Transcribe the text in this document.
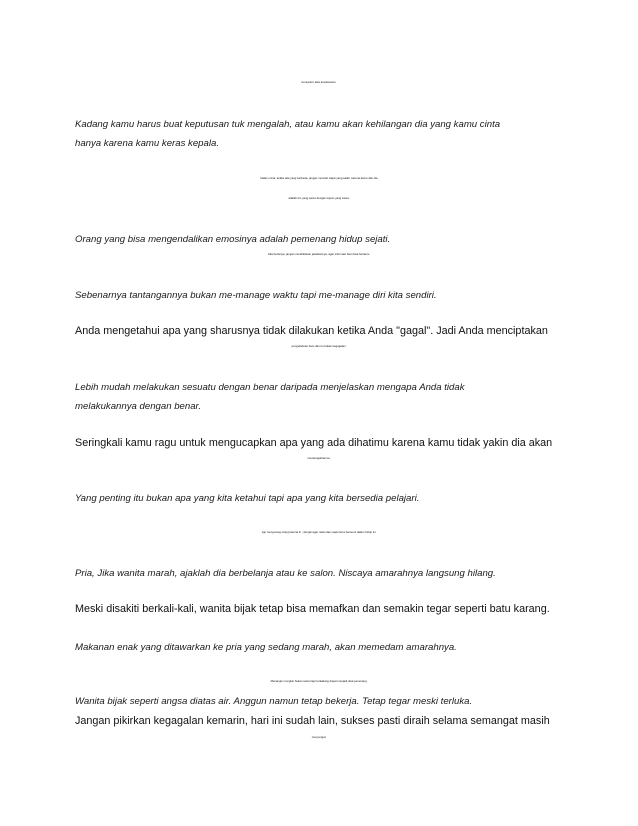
bersyukur atas kesuksesan.
Kadang kamu harus buat keputusan tuk mengalah, atau kamu akan kehilangan dia yang kamu cinta
hanya karena kamu keras kepala.
Dalam cinta, ketika ada yang berbeda, jangan mencari siapa yang salah, karena kamu dan dia
adalah tim yang sama dengan tujuan yang sama.
Orang yang bisa mengendalikan emosinya adalah pemenang hidup sejati.
Jika bertanya, jangan mendiktekan jawabannya, agar informasi baru bisa bertamu.
Sebenarnya tantangannya bukan me-manage waktu tapi me-manage diri kita sendiri.
Anda mengetahui apa yang sharusnya tidak dilakukan ketika Anda "gagal". Jadi Anda menciptakan
pengetahuan baru dan itu bukan kegagalan.
Lebih mudah melakukan sesuatu dengan benar daripada menjelaskan mengapa Anda tidak
melakukannya dengan benar.
Seringkali kamu ragu untuk mengucapkan apa yang ada dihatimu karena kamu tidak yakin dia akan
mendengarkanmu.
Yang penting itu bukan apa yang kita ketahui tapi apa yang kita bersedia pelajari.
Jgn menyerang orang karena iri ; dengki agar relasi dan rejeki terus bersemi dalam hidup ini.
Pria, Jika wanita marah, ajaklah dia berbelanja atau ke salon. Niscaya amarahnya langsung hilang.
Meski disakiti berkali-kali, wanita bijak tetap bisa memafkan dan semakin tegar seperti batu karang.
Makanan enak yang ditawarkan ke pria yang sedang marah, akan memedam amarahnya.
Menangis mungkin bukan solusi tapi terkadang dapat menjadi obat penenang.
Wanita bijak seperti angsa diatas air. Anggun namun tetap bekerja. Tetap tegar meski terluka.
Jangan pikirkan kegagalan kemarin, hari ini sudah lain, sukses pasti diraih selama semangat masih
menyengat.
